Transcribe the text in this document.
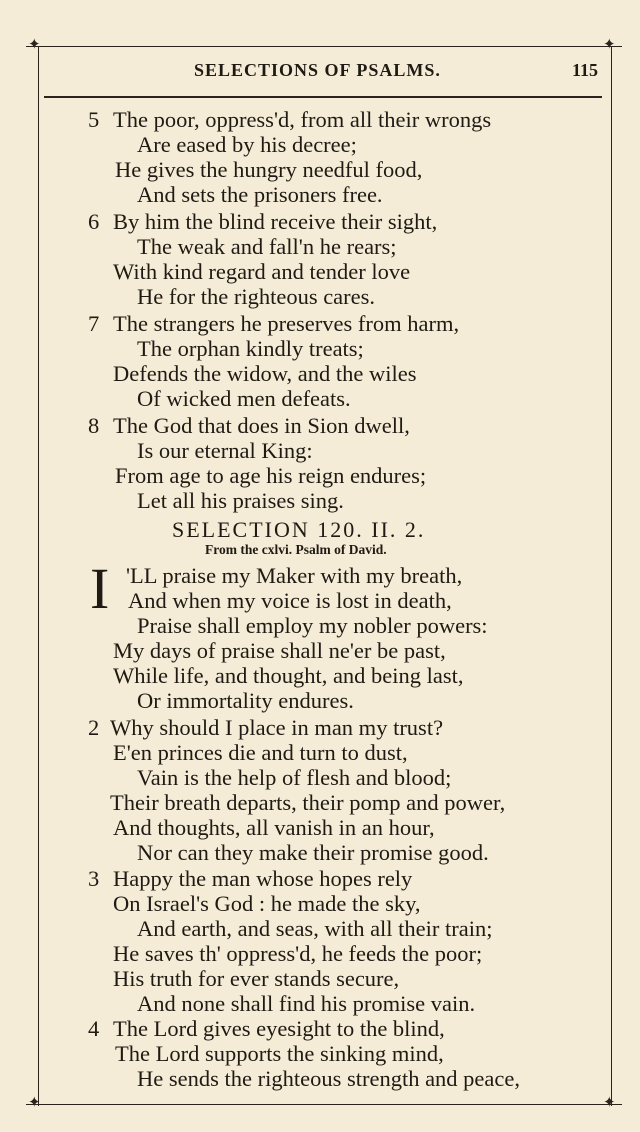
✦	✦
✦	✦
SELECTIONS OF PSALMS.	115
5 The poor, oppress'd, from all their wrongs
Are eased by his decree;
He gives the hungry needful food,
And sets the prisoners free.
6 By him the blind receive their sight,
The weak and fall'n he rears;
With kind regard and tender love
He for the righteous cares.
7 The strangers he preserves from harm,
The orphan kindly treats;
Defends the widow, and the wiles
Of wicked men defeats.
8 The God that does in Sion dwell,
Is our eternal King:
From age to age his reign endures;
Let all his praises sing.
SELECTION 120. II. 2.
From the cxlvi. Psalm of David.
I 'LL praise my Maker with my breath,
And when my voice is lost in death,
Praise shall employ my nobler powers:
My days of praise shall ne'er be past,
While life, and thought, and being last,
Or immortality endures.
2 Why should I place in man my trust?
E'en princes die and turn to dust,
Vain is the help of flesh and blood;
Their breath departs, their pomp and power,
And thoughts, all vanish in an hour,
Nor can they make their promise good.
3 Happy the man whose hopes rely
On Israel's God : he made the sky,
And earth, and seas, with all their train;
He saves th' oppress'd, he feeds the poor;
His truth for ever stands secure,
And none shall find his promise vain.
4 The Lord gives eyesight to the blind,
The Lord supports the sinking mind,
He sends the righteous strength and peace,
